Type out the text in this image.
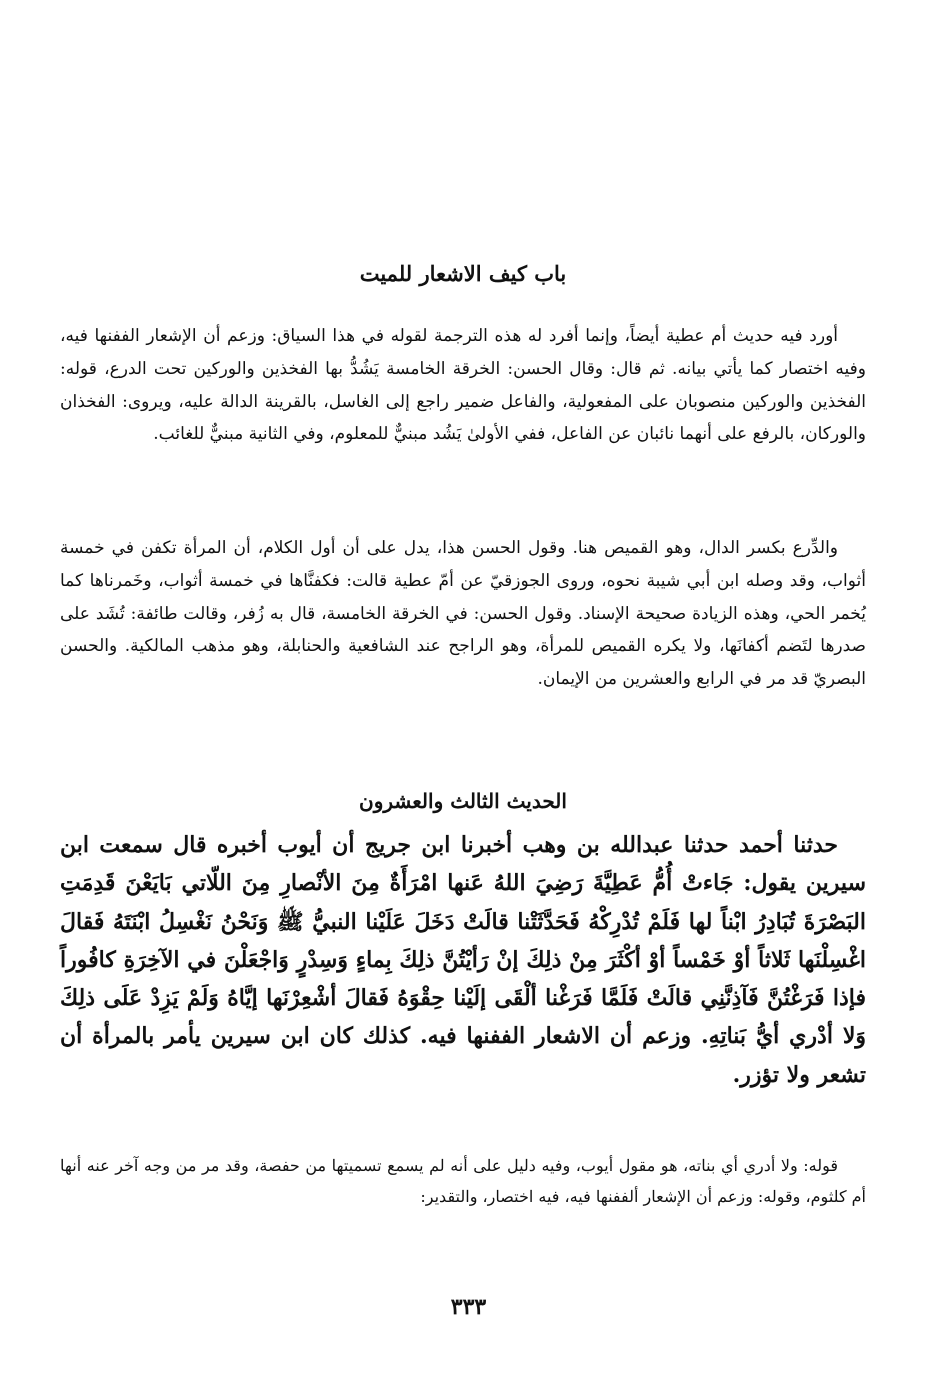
باب كيف الاشعار للميت

أورد فيه حديث أم عطية أيضاً، وإنما أفرد له هذه الترجمة لقوله في هذا السياق: وزعم أن الإشعار الففنها فيه، وفيه اختصار كما يأتي بيانه. ثم قال: وقال الحسن: الخرقة الخامسة يَشُدُّ بها الفخذين والوركين تحت الدرع، قوله: الفخذين والوركين منصوبان على المفعولية، والفاعل ضمير راجع إلى الغاسل، بالقرينة الدالة عليه، ويروى: الفخذان والوركان، بالرفع على أنهما نائبان عن الفاعل، ففي الأولىٰ يَشُد مبنيٌّ للمعلوم، وفي الثانية مبنيٌّ للغائب.

والدِّرع بكسر الدال، وهو القميص هنا. وقول الحسن هذا، يدل على أن أول الكلام، أن المرأة تكفن في خمسة أثواب، وقد وصله ابن أبي شيبة نحوه، وروى الجوزقيّ عن أمّ عطية قالت: فكفنَّاها في خمسة أثواب، وخَمرناها كما يُخمر الحي، وهذه الزيادة صحيحة الإسناد. وقول الحسن: في الخرقة الخامسة، قال به زُفر، وقالت طائفة: تُشَد على صدرها لتَضم أكفانَها، ولا يكره القميص للمرأة، وهو الراجح عند الشافعية والحنابلة، وهو مذهب المالكية. والحسن البصريّ قد مر في الرابع والعشرين من الإيمان.

الحديث الثالث والعشرون
حدثنا أحمد حدثنا عبدالله بن وهب أخبرنا ابن جريج أن أيوب أخبره قال سمعت ابن سيرين يقول: جَاءتْ أُمُّ عَطِيَّةَ رَضِيَ اللهُ عَنها امْرَأَةٌ مِنَ الأنْصارِ مِنَ اللّاتي بَايَعْنَ قَدِمَتِ البَصْرَةَ تُبَادِرُ ابْناً لها فَلَمْ تُدْرِكْهُ فَحَدَّثَتْنا قالَتْ دَخَلَ عَلَيْنا النبيُّ ﷺ وَنَحْنُ نَغْسِلُ ابْنَتَهُ فَقالَ اغْسِلْنَها ثَلاثاً أوْ خَمْساً أوْ أكْثَرَ مِنْ ذلِكَ إنْ رَأيْتُنَّ ذلِكَ بِماءٍ وَسِدْرٍ وَاجْعَلْنَ في الآخِرَةِ كافُوراً فإذا فَرَغْتُنَّ فَآذِنَّنِي قالَتْ فَلَمَّا فَرَغْنا ألْقَى إلَيْنا حِقْوَهُ فَقالَ أشْعِرْنَها إيَّاهُ وَلَمْ يَزِدْ عَلَى ذلِكَ وَلا أدْري أيُّ بَناتِهِ. وزعم أن الاشعار الففنها فيه. كذلك كان ابن سيرين يأمر بالمرأة أن تشعر ولا تؤزر.
قوله: ولا أدري أي بناته، هو مقول أيوب، وفيه دليل على أنه لم يسمع تسميتها من حفصة، وقد مر من وجه آخر عنه أنها أم كلثوم، وقوله: وزعم أن الإشعار ألففنها فيه، فيه اختصار، والتقدير:
٣٣٣
